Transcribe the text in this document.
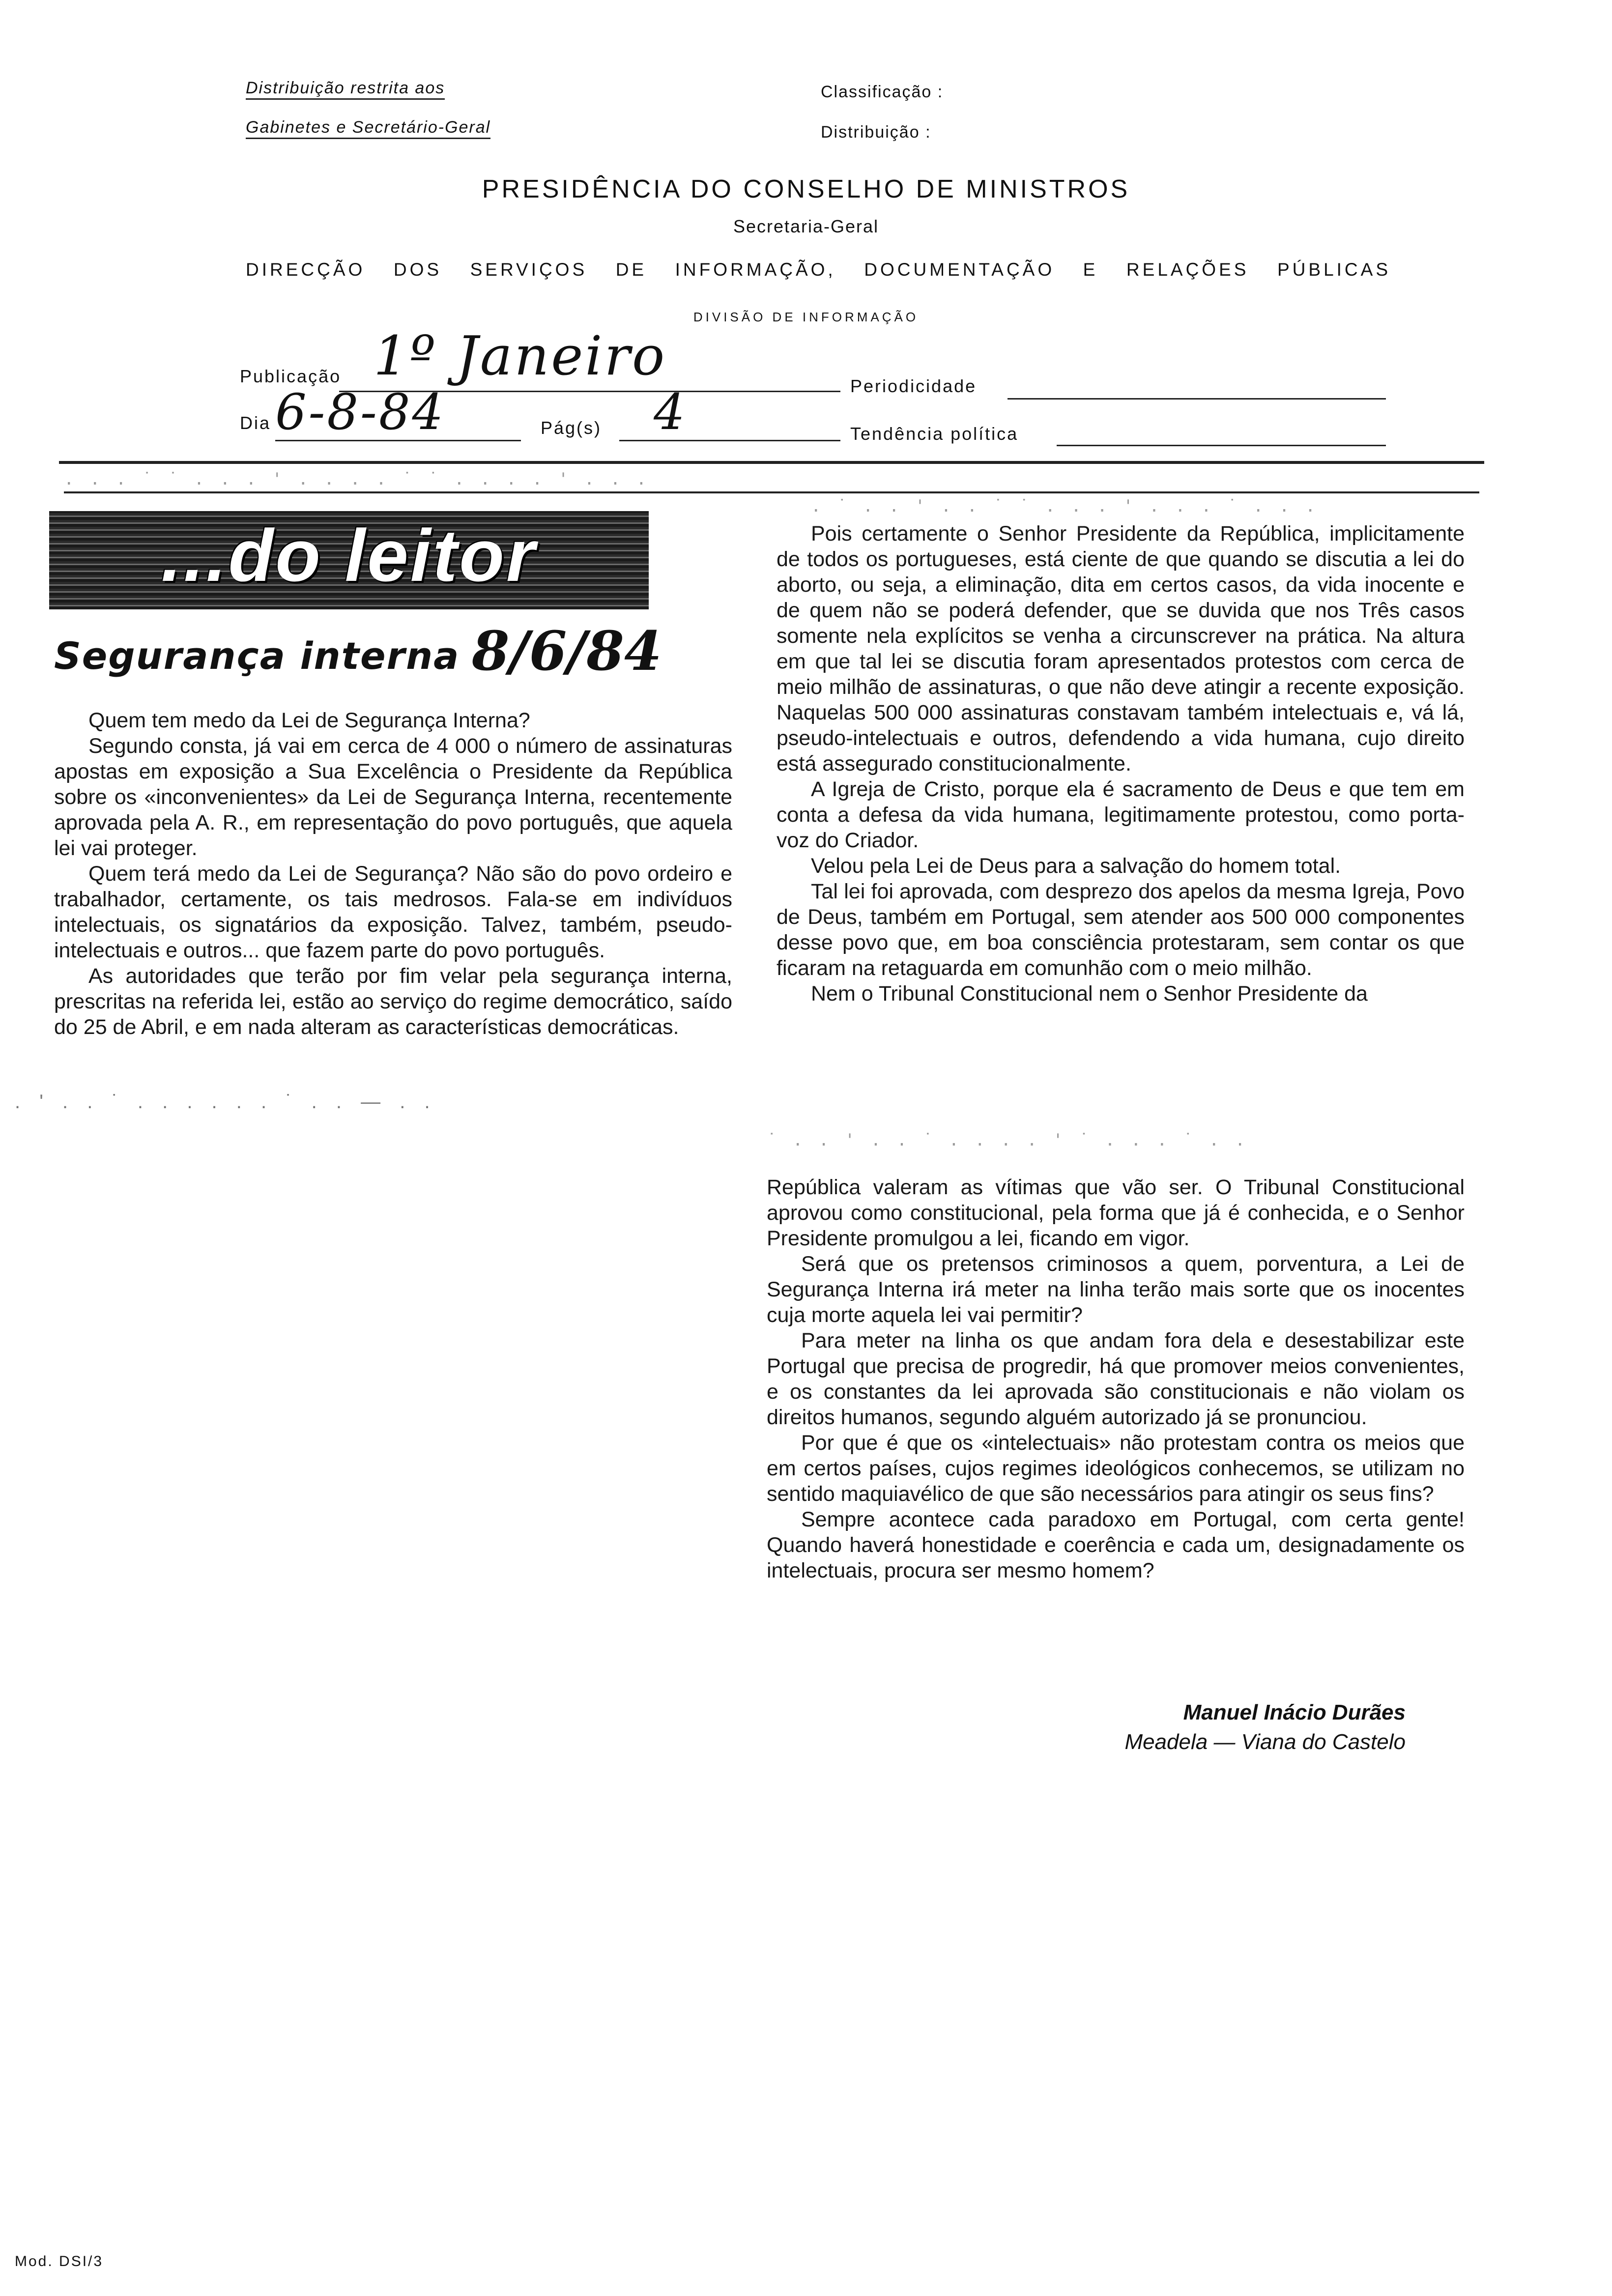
Distribuição restrita aos
Gabinetes e Secretário-Geral
Classificação :
Distribuição :
PRESIDÊNCIA DO CONSELHO DE MINISTROS
Secretaria-Geral
DIRECÇÃO DOS SERVIÇOS DE INFORMAÇÃO, DOCUMENTAÇÃO E RELAÇÕES PÚBLICAS
DIVISÃO DE INFORMAÇÃO
Publicação 1º Janeiro	Periodicidade
Dia 6-8-84	Pág(s) 4	Tendência política
. . . ˙ ˙ . . . ' . . . . ˙ ˙ . . . . ' . . .
. ˙ . . ' . . ˙ ˙ . . . ' . . . ˙ . . .
...do leitor
Segurança interna 8/6/84

Quem tem medo da Lei de Segurança Interna?

Segundo consta, já vai em cerca de 4 000 o número de assinaturas apostas em exposição a Sua Excelência o Presidente da República sobre os «inconvenientes» da Lei de Segurança Interna, recentemente aprovada pela A. R., em representação do povo português, que aquela lei vai proteger.

Quem terá medo da Lei de Segurança? Não são do povo ordeiro e trabalhador, certamente, os tais medrosos. Fala-se em indivíduos intelectuais, os signatários da exposição. Talvez, também, pseudo-intelectuais e outros... que fazem parte do povo português.

As autoridades que terão por fim velar pela segurança interna, prescritas na referida lei, estão ao serviço do regime democrático, saído do 25 de Abril, e em nada alteram as características democráticas.

. ' . . ˙ . . . . . . ˙ . . — . .

Pois certamente o Senhor Presidente da República, implicitamente de todos os portugueses, está ciente de que quando se discutia a lei do aborto, ou seja, a eliminação, dita em certos casos, da vida inocente e de quem não se poderá defender, que se duvida que nos Três casos somente nela explícitos se venha a circunscrever na prática. Na altura em que tal lei se discutia foram apresentados protestos com cerca de meio milhão de assinaturas, o que não deve atingir a recente exposição. Naquelas 500 000 assinaturas constavam também intelectuais e, vá lá, pseudo-intelectuais e outros, defendendo a vida humana, cujo direito está assegurado constitucionalmente.

A Igreja de Cristo, porque ela é sacramento de Deus e que tem em conta a defesa da vida humana, legitimamente protestou, como porta-voz do Criador.

Velou pela Lei de Deus para a salvação do homem total.

Tal lei foi aprovada, com desprezo dos apelos da mesma Igreja, Povo de Deus, também em Portugal, sem atender aos 500 000 componentes desse povo que, em boa consciência protestaram, sem contar os que ficaram na retaguarda em comunhão com o meio milhão.

Nem o Tribunal Constitucional nem o Senhor Presidente da

˙ . . ' . . ˙ . . . . ' ˙ . . . ˙ . .

República valeram as vítimas que vão ser. O Tribunal Constitucional aprovou como constitucional, pela forma que já é conhecida, e o Senhor Presidente promulgou a lei, ficando em vigor.

Será que os pretensos criminosos a quem, porventura, a Lei de Segurança Interna irá meter na linha terão mais sorte que os inocentes cuja morte aquela lei vai permitir?

Para meter na linha os que andam fora dela e desestabilizar este Portugal que precisa de progredir, há que promover meios convenientes, e os constantes da lei aprovada são constitucionais e não violam os direitos humanos, segundo alguém autorizado já se pronunciou.

Por que é que os «intelectuais» não protestam contra os meios que em certos países, cujos regimes ideológicos conhecemos, se utilizam no sentido maquiavélico de que são necessários para atingir os seus fins?

Sempre acontece cada paradoxo em Portugal, com certa gente! Quando haverá honestidade e coerência e cada um, designadamente os intelectuais, procura ser mesmo homem?

Manuel Inácio Durães
Meadela — Viana do Castelo
Mod. DSI/3
